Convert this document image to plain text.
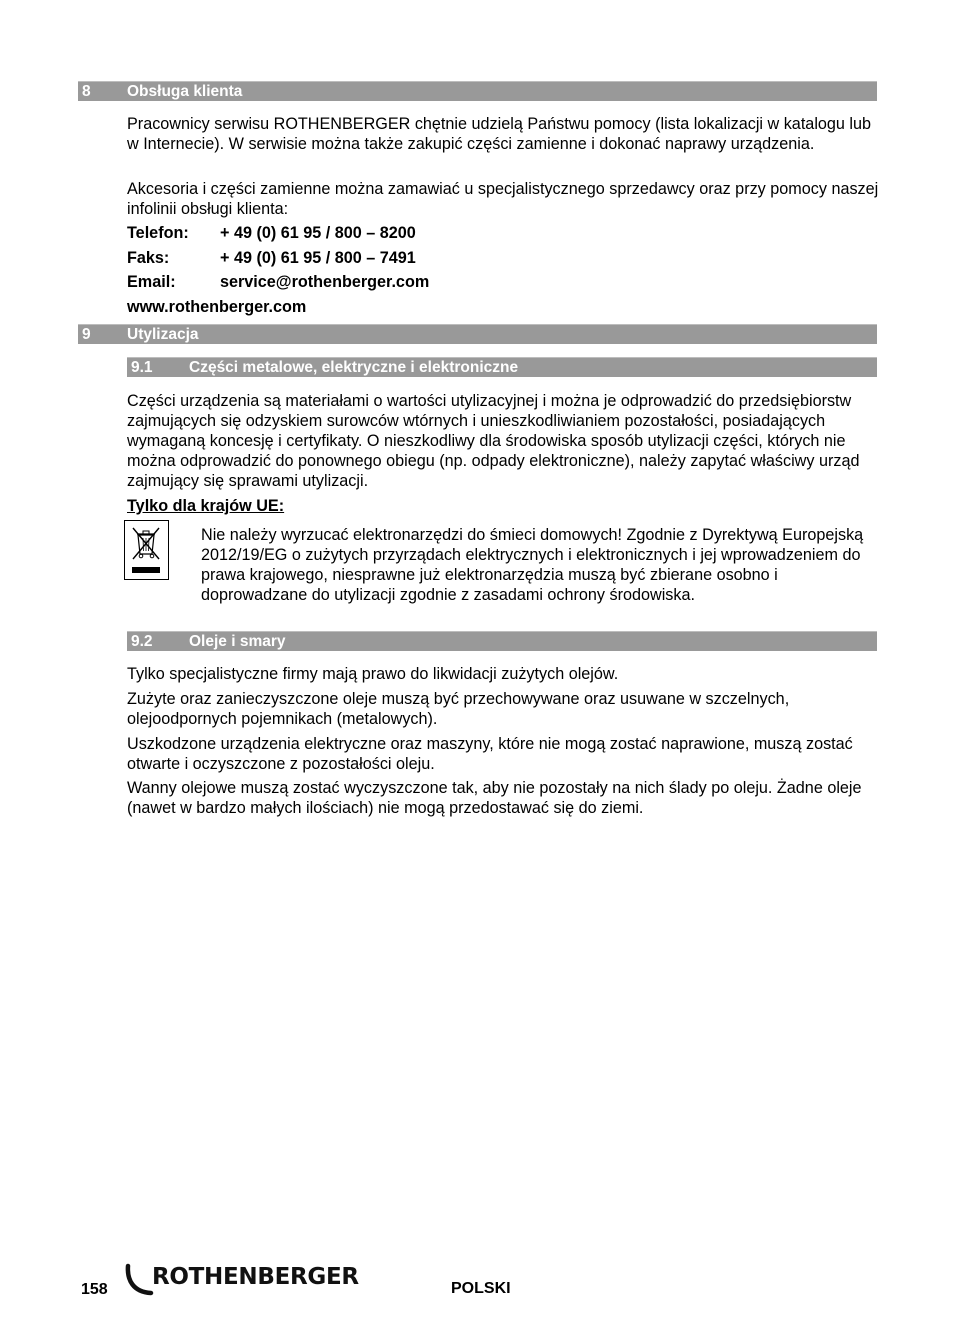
8 Obsługa klienta

Pracownicy serwisu ROTHENBERGER chętnie udzielą Państwu pomocy (lista lokalizacji w katalogu lub w Internecie). W serwisie można także zakupić części zamienne i dokonać naprawy urządzenia.

Akcesoria i części zamienne można zamawiać u specjalistycznego sprzedawcy oraz przy pomocy naszej infolinii obsługi klienta:

Telefon: + 49 (0) 61 95 / 800 – 8200
Faks:	+ 49 (0) 61 95 / 800 – 7491
Email:	service@rothenberger.com
www.rothenberger.com
9 Utylizacja
9.1 Części metalowe, elektryczne i elektroniczne

Części urządzenia są materiałami o wartości utylizacyjnej i można je odprowadzić do przedsiębiorstw zajmujących się odzyskiem surowców wtórnych i unieszkodliwianiem pozostałości, posiadających wymaganą koncesję i certyfikaty. O nieszkodliwy dla środowiska sposób utylizacji części, których nie można odprowadzić do ponownego obiegu (np. odpady elektroniczne), należy zapytać właściwy urząd zajmujący się sprawami utylizacji.

Tylko dla krajów UE:

Nie należy wyrzucać elektronarzędzi do śmieci domowych! Zgodnie z Dyrektywą Europejską 2012/19/EG o zużytych przyrządach elektrycznych i elektronicznych i jej wprowadzeniem do prawa krajowego, niesprawne już elektronarzędzia muszą być zbierane osobno i doprowadzane do utylizacji zgodnie z zasadami ochrony środowiska.

9.2 Oleje i smary

Tylko specjalistyczne firmy mają prawo do likwidacji zużytych olejów.

Zużyte oraz zanieczyszczone oleje muszą być przechowywane oraz usuwane w szczelnych, olejoodpornych pojemnikach (metalowych).

Uszkodzone urządzenia elektryczne oraz maszyny, które nie mogą zostać naprawione, muszą zostać otwarte i oczyszczone z pozostałości oleju.

Wanny olejowe muszą zostać wyczyszczone tak, aby nie pozostały na nich ślady po oleju. Żadne oleje (nawet w bardzo małych ilościach) nie mogą przedostawać się do ziemi.

158 ROTHENBERGER	POLSKI
